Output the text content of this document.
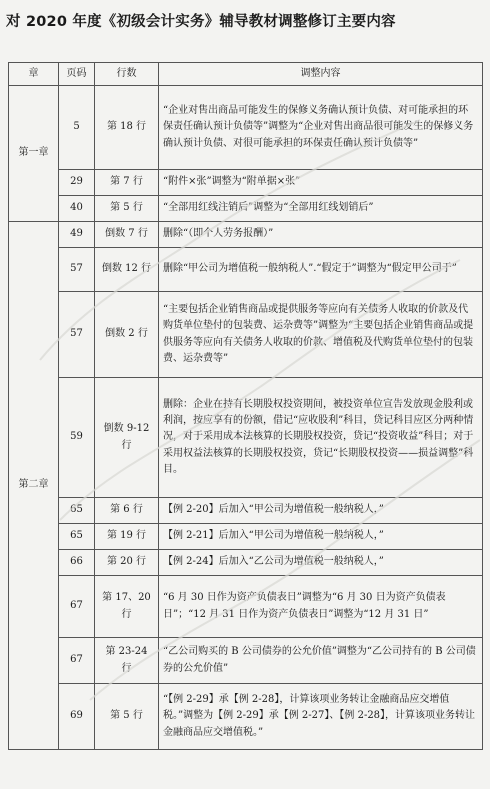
对 2020 年度《初级会计实务》辅导教材调整修订主要内容
章	页码	行数	调整内容
第一章	5	第 18 行	“企业对售出商品可能发生的保修义务确认预计负债、对可能承担的环保责任确认预计负债等”调整为“企业对售出商品很可能发生的保修义务确认预计负债、对很可能承担的环保责任确认预计负债等”
	29	第 7 行	“附件×张”调整为“附单据×张”
	40	第 5 行	“全部用红线注销后”调整为“全部用红线划销后”
第二章	49	倒数 7 行	删除“（即个人劳务报酬）”
	57	倒数 12 行	删除“甲公司为增值税一般纳税人”.“假定于”调整为“假定甲公司于”
	57	倒数 2 行	“主要包括企业销售商品或提供服务等应向有关债务人收取的价款及代购货单位垫付的包装费、运杂费等”调整为“主要包括企业销售商品或提供服务等应向有关债务人收取的价款、增值税及代购货单位垫付的包装费、运杂费等”
	59	倒数 9-12 行	删除：企业在持有长期股权投资期间，被投资单位宣告发放现金股利或利润，按应享有的份额，借记“应收股利”科目，贷记科目应区分两种情况，对于采用成本法核算的长期股权投资，贷记“投资收益”科目；对于采用权益法核算的长期股权投资，贷记“长期股权投资——损益调整”科目。
	65	第 6 行	【例 2-20】后加入“甲公司为增值税一般纳税人，”
	65	第 19 行	【例 2-21】后加入“甲公司为增值税一般纳税人，”
	66	第 20 行	【例 2-24】后加入“乙公司为增值税一般纳税人，”
	67	第 17、20 行	“6 月 30 日作为资产负债表日”调整为“6 月 30 日为资产负债表日”；“12 月 31 日作为资产负债表日”调整为“12 月 31 日”
	67	第 23-24 行	“乙公司购买的 B 公司债券的公允价值”调整为“乙公司持有的 B 公司债券的公允价值”
	69	第 5 行	“【例 2-29】承【例 2-28】，计算该项业务转让金融商品应交增值税。”调整为【例 2-29】承【例 2-27】、【例 2-28】，计算该项业务转让金融商品应交增值税。”
